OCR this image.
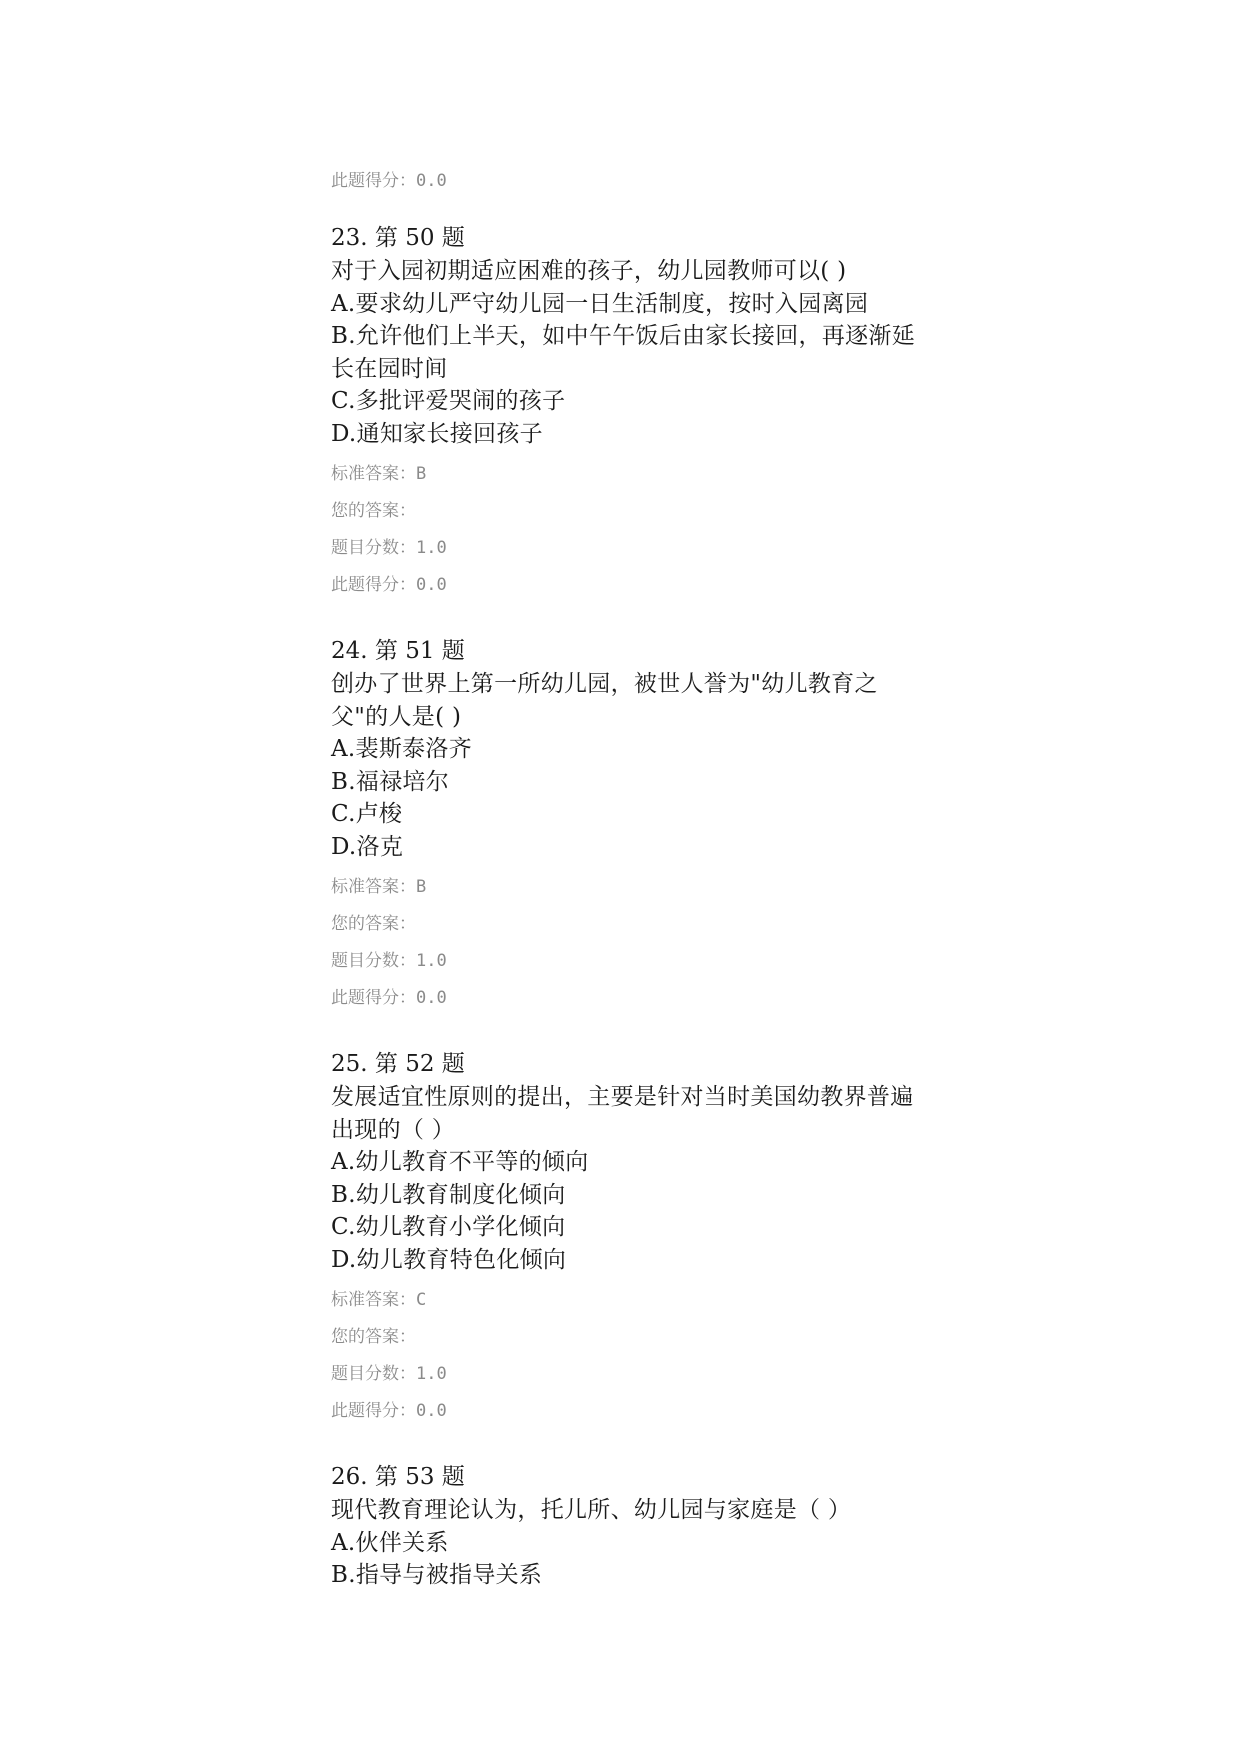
此题得分：0.0
23. 第 50 题
对于入园初期适应困难的孩子，幼儿园教师可以( )
A.要求幼儿严守幼儿园一日生活制度，按时入园离园
B.允许他们上半天，如中午午饭后由家长接回，再逐渐延长在园时间
C.多批评爱哭闹的孩子
D.通知家长接回孩子
标准答案：B
您的答案：
题目分数：1.0
此题得分：0.0
24. 第 51 题
创办了世界上第一所幼儿园，被世人誉为"幼儿教育之父"的人是( )
A.裴斯泰洛齐
B.福禄培尔
C.卢梭
D.洛克
标准答案：B
您的答案：
题目分数：1.0
此题得分：0.0
25. 第 52 题
发展适宜性原则的提出，主要是针对当时美国幼教界普遍出现的（ ）
A.幼儿教育不平等的倾向
B.幼儿教育制度化倾向
C.幼儿教育小学化倾向
D.幼儿教育特色化倾向
标准答案：C
您的答案：
题目分数：1.0
此题得分：0.0
26. 第 53 题
现代教育理论认为，托儿所、幼儿园与家庭是（ ）
A.伙伴关系
B.指导与被指导关系
